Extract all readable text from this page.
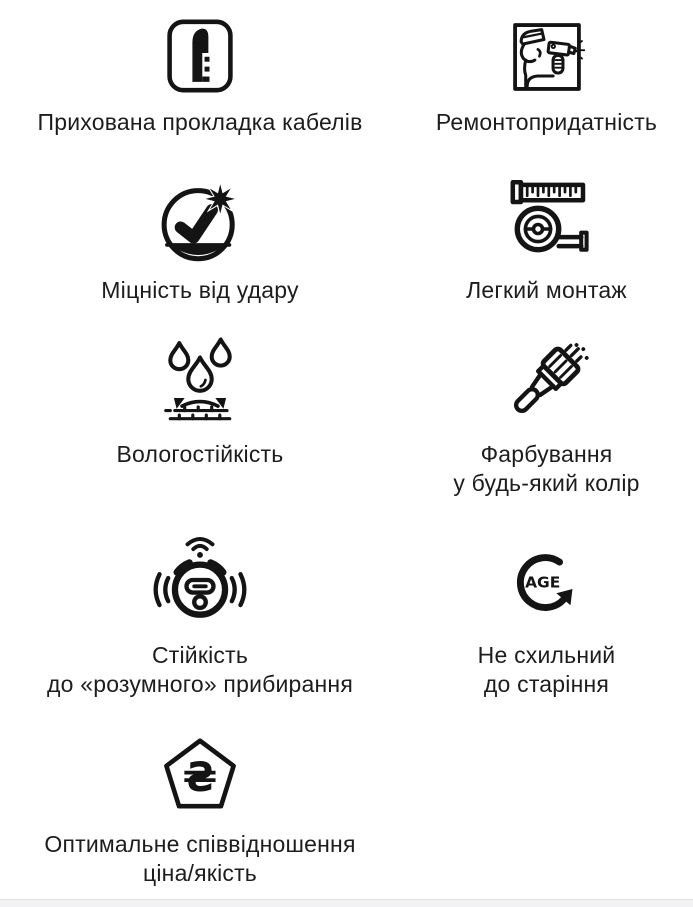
Прихована прокладка кабелів	Ремонтопридатність
Міцність від удару	Легкий монтаж
Вологостійкість	Фарбування
у будь-який колір
Стійкість
до «розумного» прибирання
AGE
Не схильний
до старіння
₴
Оптимальне співвідношення
ціна/якість
